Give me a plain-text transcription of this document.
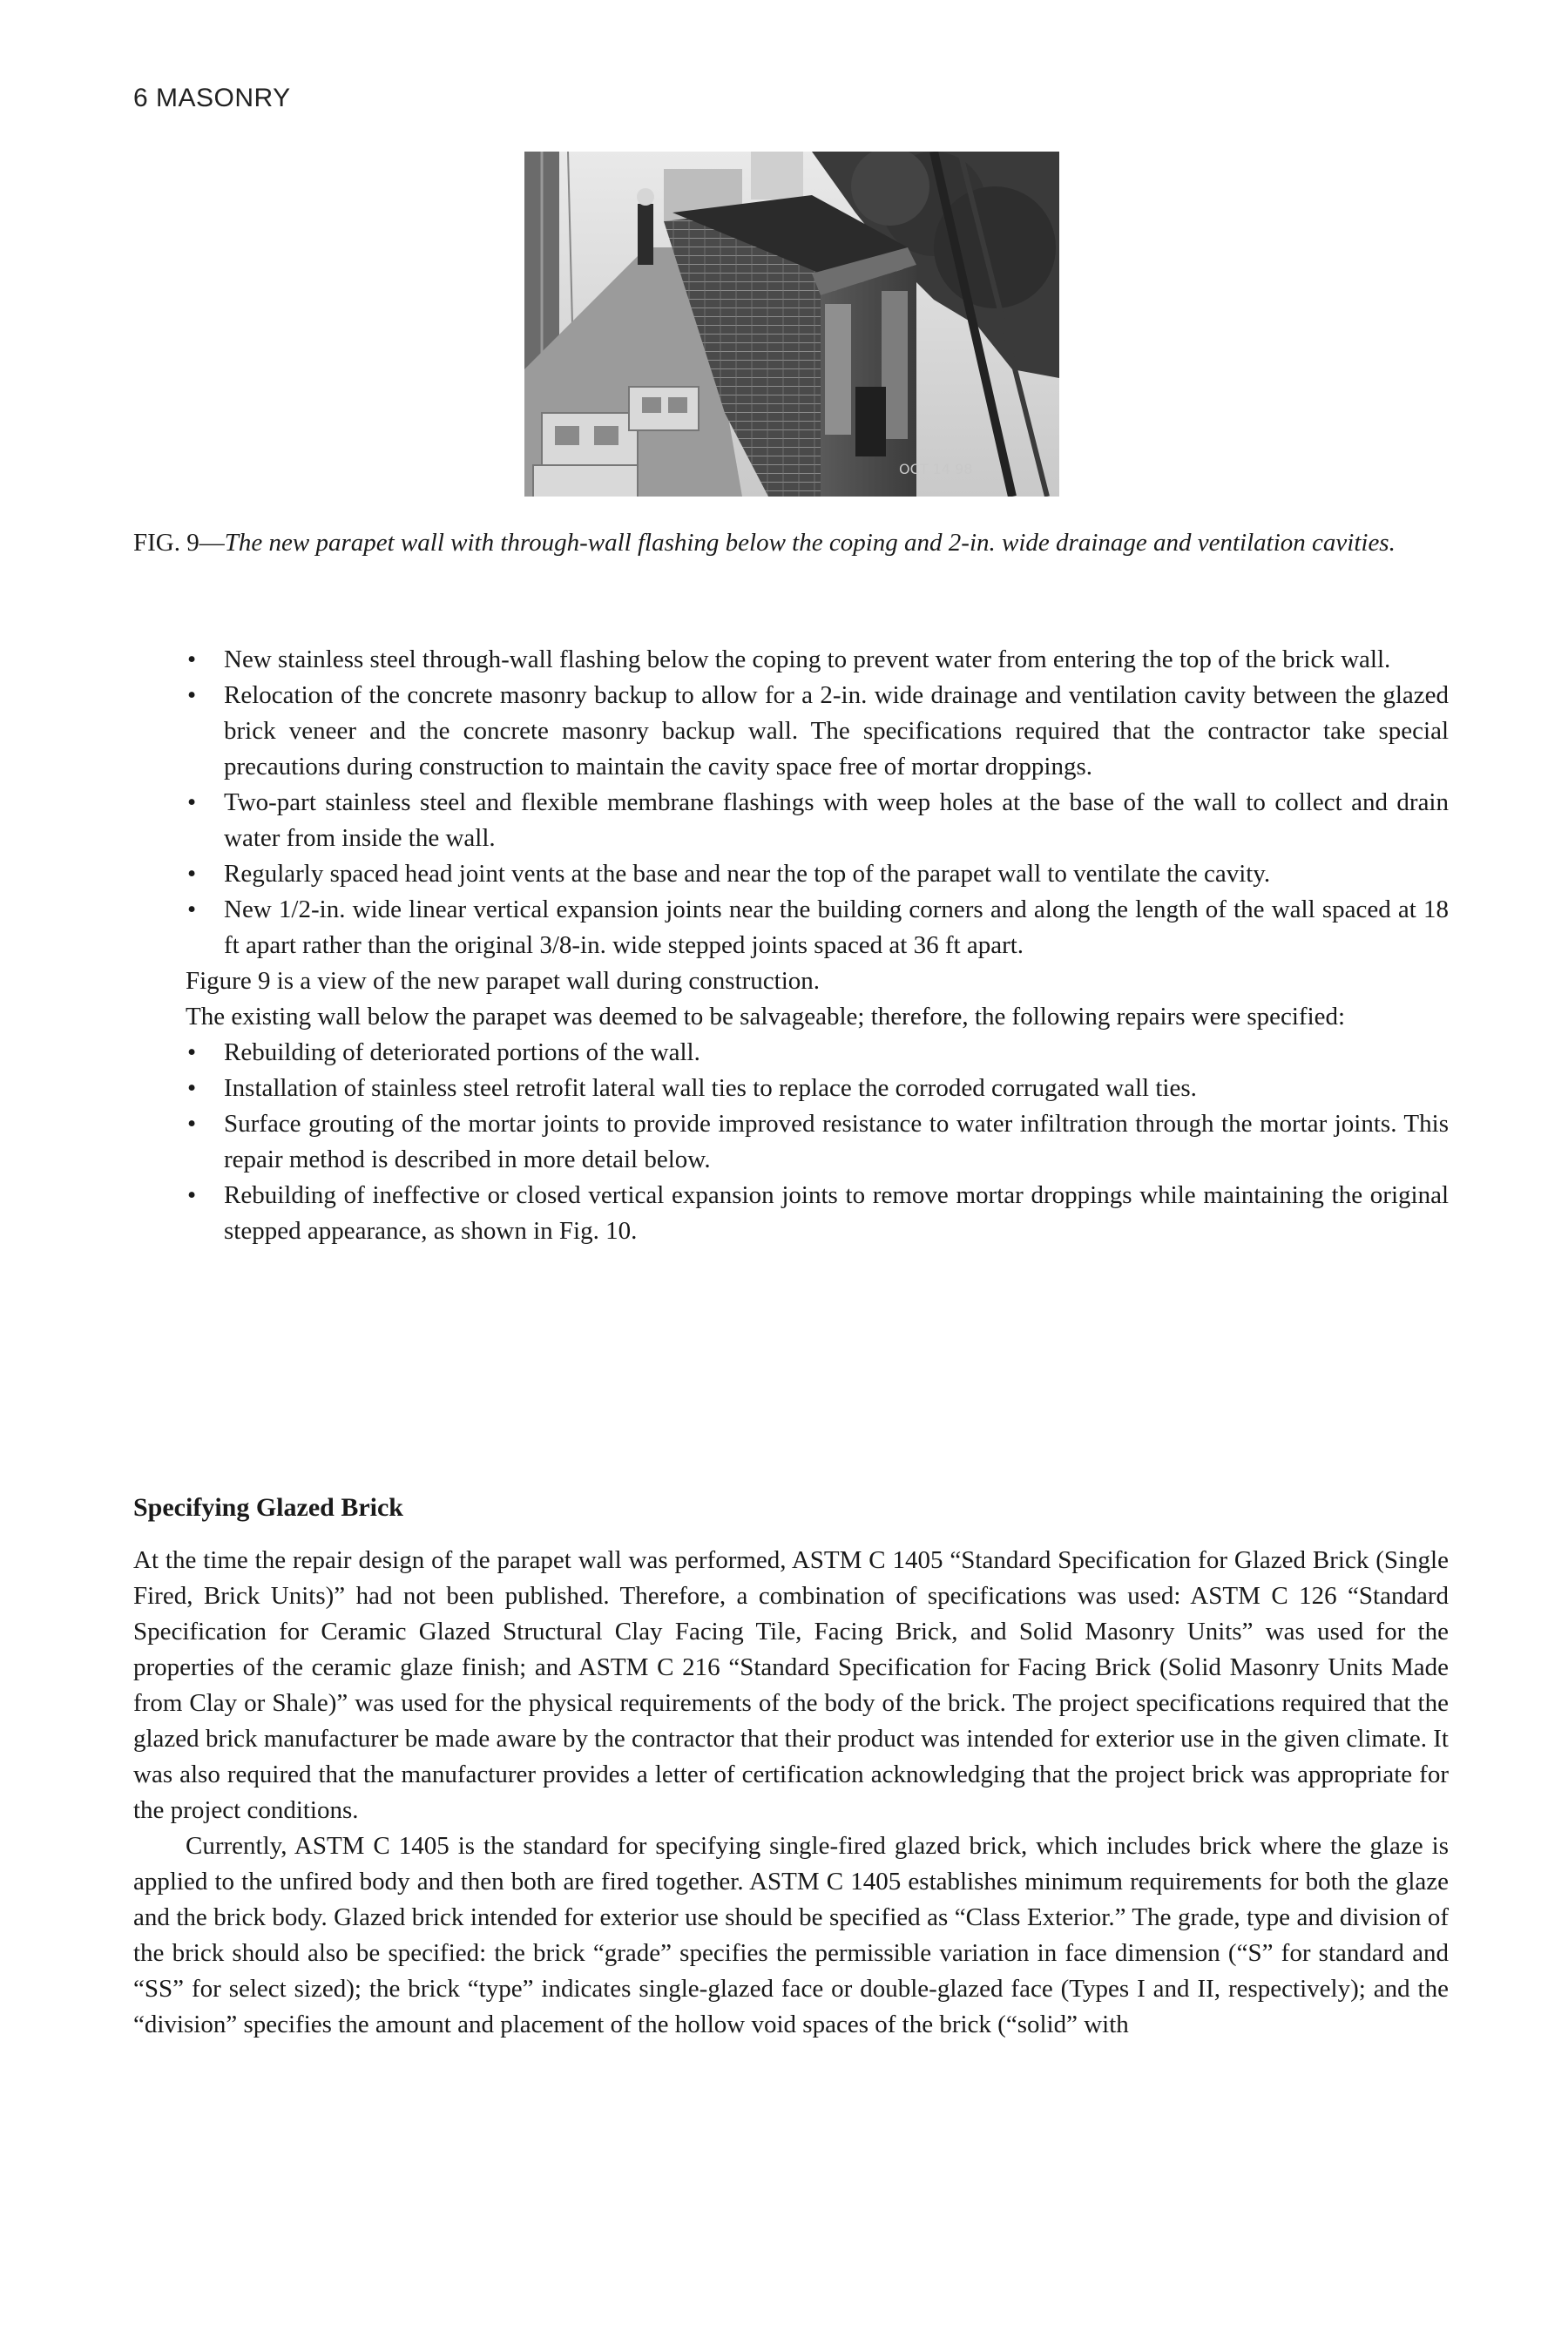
6 MASONRY
OCT 14 98
FIG. 9—The new parapet wall with through-wall flashing below the coping and 2-in. wide drainage and ventilation cavities.
• New stainless steel through-wall flashing below the coping to prevent water from entering the top of the brick wall.
• Relocation of the concrete masonry backup to allow for a 2-in. wide drainage and ventilation cavity between the glazed brick veneer and the concrete masonry backup wall. The specifications required that the contractor take special precautions during construction to maintain the cavity space free of mortar droppings.
• Two-part stainless steel and flexible membrane flashings with weep holes at the base of the wall to collect and drain water from inside the wall.
• Regularly spaced head joint vents at the base and near the top of the parapet wall to ventilate the cavity.
• New 1/2-in. wide linear vertical expansion joints near the building corners and along the length of the wall spaced at 18 ft apart rather than the original 3/8-in. wide stepped joints spaced at 36 ft apart.

Figure 9 is a view of the new parapet wall during construction.

The existing wall below the parapet was deemed to be salvageable; therefore, the following repairs were specified:

• Rebuilding of deteriorated portions of the wall.
• Installation of stainless steel retrofit lateral wall ties to replace the corroded corrugated wall ties.
• Surface grouting of the mortar joints to provide improved resistance to water infiltration through the mortar joints. This repair method is described in more detail below.
• Rebuilding of ineffective or closed vertical expansion joints to remove mortar droppings while maintaining the original stepped appearance, as shown in Fig. 10.
Specifying Glazed Brick

At the time the repair design of the parapet wall was performed, ASTM C 1405 “Standard Specification for Glazed Brick (Single Fired, Brick Units)” had not been published. Therefore, a combination of specifications was used: ASTM C 126 “Standard Specification for Ceramic Glazed Structural Clay Facing Tile, Facing Brick, and Solid Masonry Units” was used for the properties of the ceramic glaze finish; and ASTM C 216 “Standard Specification for Facing Brick (Solid Masonry Units Made from Clay or Shale)” was used for the physical requirements of the body of the brick. The project specifications required that the glazed brick manufacturer be made aware by the contractor that their product was intended for exterior use in the given climate. It was also required that the manufacturer provides a letter of certification acknowledging that the project brick was appropriate for the project conditions.

Currently, ASTM C 1405 is the standard for specifying single-fired glazed brick, which includes brick where the glaze is applied to the unfired body and then both are fired together. ASTM C 1405 establishes minimum requirements for both the glaze and the brick body. Glazed brick intended for exterior use should be specified as “Class Exterior.” The grade, type and division of the brick should also be specified: the brick “grade” specifies the permissible variation in face dimension (“S” for standard and “SS” for select sized); the brick “type” indicates single-glazed face or double-glazed face (Types I and II, respectively); and the “division” specifies the amount and placement of the hollow void spaces of the brick (“solid” with
